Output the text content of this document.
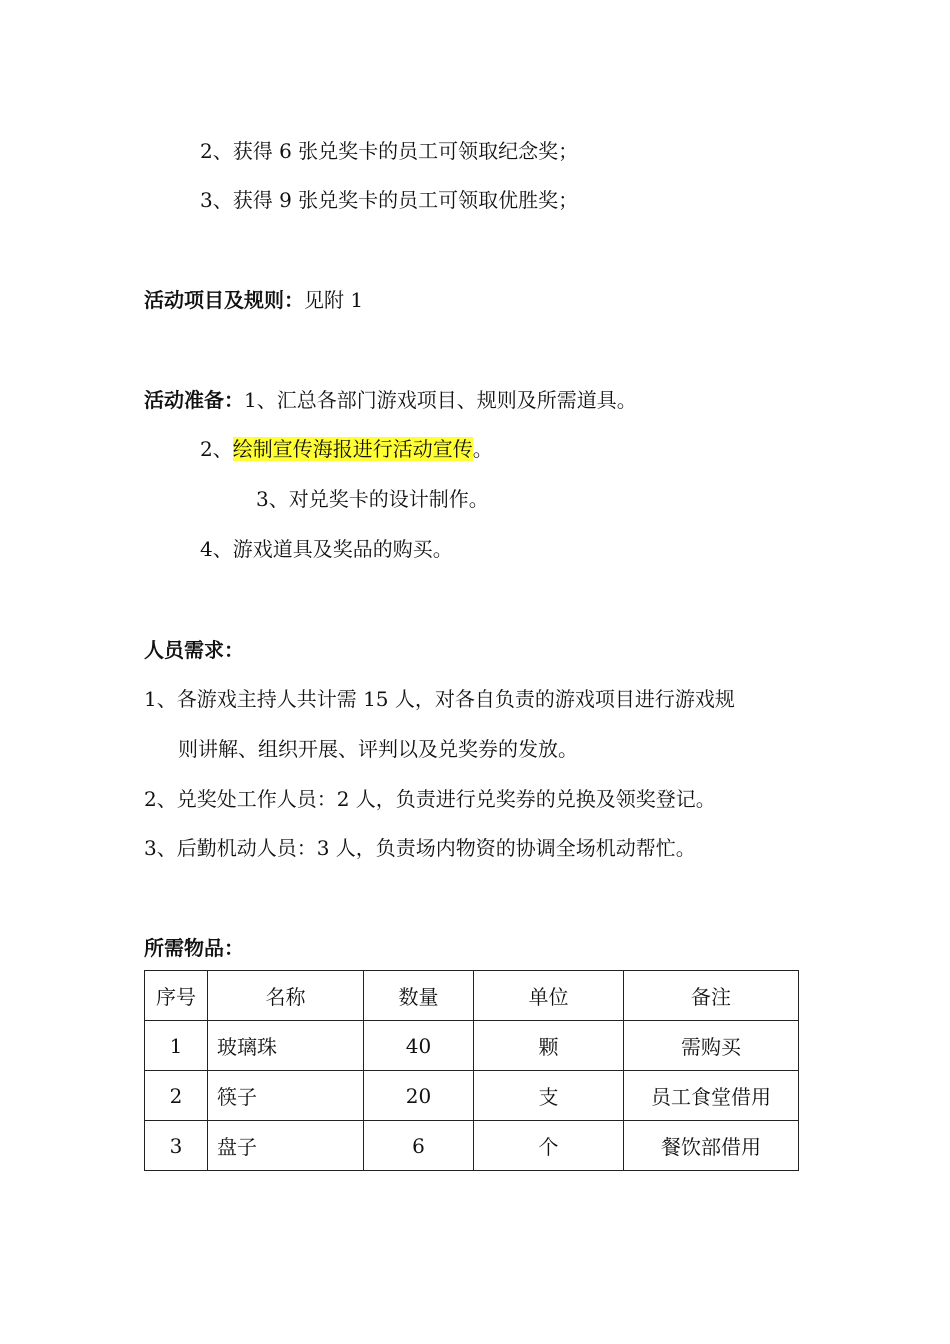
2、获得 6 张兑奖卡的员工可领取纪念奖；
3、获得 9 张兑奖卡的员工可领取优胜奖；
活动项目及规则：见附 1
活动准备：1、汇总各部门游戏项目、规则及所需道具。
2、绘制宣传海报进行活动宣传。
3、对兑奖卡的设计制作。
4、游戏道具及奖品的购买。
人员需求：
1、各游戏主持人共计需 15 人，对各自负责的游戏项目进行游戏规
则讲解、组织开展、评判以及兑奖券的发放。
2、兑奖处工作人员：2 人，负责进行兑奖券的兑换及领奖登记。
3、后勤机动人员：3 人，负责场内物资的协调全场机动帮忙。
所需物品：
序号	名称	数量	单位	备注
1	玻璃珠	40	颗	需购买
2	筷子	20	支	员工食堂借用
3	盘子	6	个	餐饮部借用
